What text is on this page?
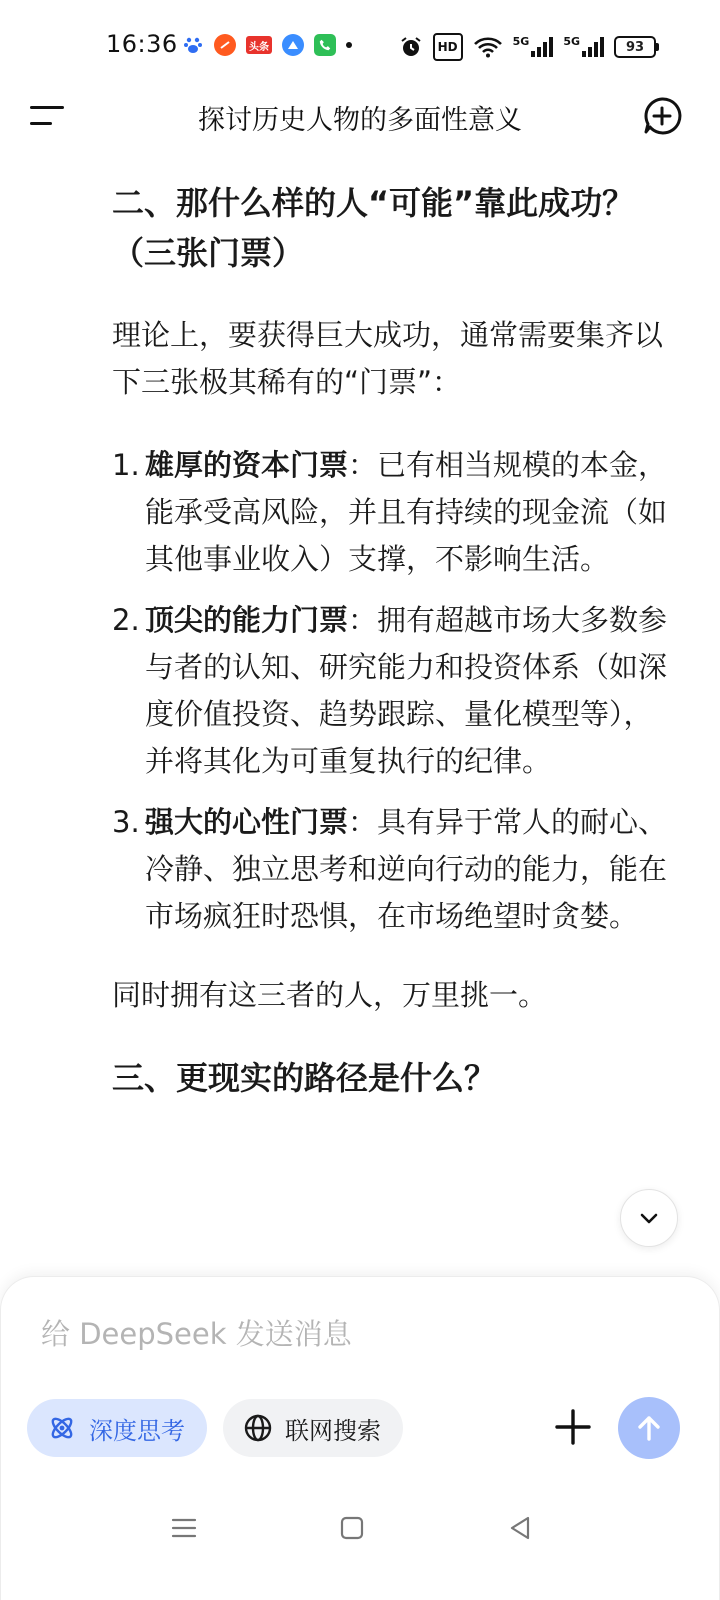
16:36	头条	HD	5G	5G	93
探讨历史人物的多面性意义
二、那什么样的人“可能”靠此成功？（三张门票）

理论上，要获得巨大成功，通常需要集齐以下三张极其稀有的“门票”：

1. 雄厚的资本门票：已有相当规模的本金，能承受高风险，并且有持续的现金流（如其他事业收入）支撑，不影响生活。
2. 顶尖的能力门票：拥有超越市场大多数参与者的认知、研究能力和投资体系（如深度价值投资、趋势跟踪、量化模型等），并将其化为可重复执行的纪律。
3. 强大的心性门票：具有异于常人的耐心、冷静、独立思考和逆向行动的能力，能在市场疯狂时恐惧，在市场绝望时贪婪。

同时拥有这三者的人，万里挑一。

三、更现实的路径是什么？
给 DeepSeek 发送消息
深度思考	联网搜索
